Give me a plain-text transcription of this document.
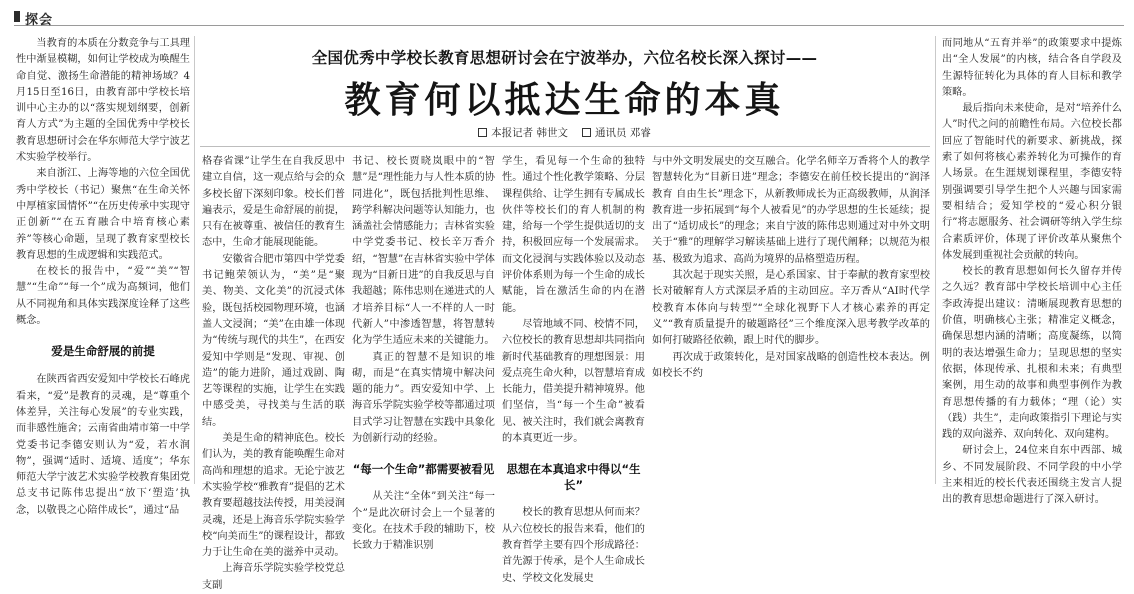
探会
全国优秀中学校长教育思想研讨会在宁波举办，六位名校长深入探讨——
教育何以抵达生命的本真
本报记者 韩世文	通讯员 邓睿

当教育的本质在分数竞争与工具理性中渐显模糊，如何让学校成为唤醒生命自觉、激扬生命潜能的精神场域？4月15日至16日，由教育部中学校长培训中心主办的以“落实规划纲要，创新育人方式”为主题的全国优秀中学校长教育思想研讨会在华东师范大学宁波艺术实验学校举行。

来自浙江、上海等地的六位全国优秀中学校长（书记）聚焦“在生命关怀中厚植家国情怀”“在历史传承中实现守正创新”“在五育融合中培育核心素养”等核心命题，呈现了教育家型校长教育思想的生成逻辑和实践范式。

在校长的报告中，“爱”“美”“智慧”“生命”“每一个”成为高频词，他们从不同视角和具体实践深度诠释了这些概念。

爱是生命舒展的前提

在陕西省西安爱知中学校长石峰虎看来，“爱”是教育的灵魂，是“尊重个体差异，关注每心发展”的专业实践，而非感性施舍；云南省曲靖市第一中学党委书记李德安则认为“爱，若水润物”，强调“适时、适境、适度”；华东师范大学宁波艺术实验学校教育集团党总支书记陈伟忠提出“放下‘塑造’执念，以敬畏之心陪伴成长”，通过“品

格春省课”让学生在自我反思中建立自信，这一观点给与会的众多校长留下深刻印象。校长们普遍表示，爱是生命舒展的前提，只有在被尊重、被信任的教育生态中，生命才能展现能能。

安徽省合肥市第四中学党委书记鲍荣领认为，“美”是“聚美、物美、文化美”的沉浸式体验，既包括校园物理环境，也涵盖人文浸润；“美”在由雄一体现为“传统与现代的共生”，在西安爱知中学则是“发现、审视、创造”的能力进阶，通过戏剧、陶艺等课程的实施，让学生在实践中感受美，寻找美与生活的联结。

美是生命的精神底色。校长们认为，美的教育能唤醒生命对高尚和理想的追求。无论宁波艺术实验学校“雅教育”提倡的艺术教育要超越技法传授，用美浸润灵魂，还是上海音乐学院实验学校“向美而生”的课程设计，都致力于让生命在美的滋养中灵动。

上海音乐学院实验学校党总支副

书记、校长贾晓岚眼中的“智慧”是“理性能力与人性本质的协同进化”，既包括批判性思维、跨学科解决问题等认知能力，也涵盖社会情感能力；吉林省实验中学党委书记、校长辛万香介绍，“智慧”在吉林省实验中学体现为“目新日进”的自我反思与自我超越；陈伟忠则在递进式的人才培养目标“人一不样的人一时代新人”中渗透智慧，将智慧转化为学生适应未来的关键能力。

真正的智慧不是知识的堆砌，而是“在真实情境中解决问题的能力”。西安爱知中学、上海音乐学院实验学校等都通过项目式学习让智慧在实践中具象化为创新行动的经验。

“每一个生命”都需要被看见

从关注“全体”到关注“每一个”是此次研讨会上一个显著的变化。在技术手段的辅助下，校长致力于精准识别

学生，看见每一个生命的独特性。通过个性化教学策略、分层课程供给、让学生拥有专属成长伙伴等校长们的育人机制的构建，给每一个学生提供适切的支持，积极回应每一个发展需求。而文化浸润与实践体验以及动态评价体系则为每一个生命的成长赋能，旨在激活生命的内在潜能。

尽管地域不同、校情不同，六位校长的教育思想却共同指向新时代基础教育的理想图景：用爱点亮生命火种，以智慧培育成长能力，借美提升精神境界。他们坚信，当“每一个生命”被看见、被关注时，我们就会离教育的本真更近一步。

思想在本真追求中得以“生长”

校长的教育思想从何而来？从六位校长的报告来看，他们的教育哲学主要有四个形成路径：首先源于传承，是个人生命成长史、学校文化发展史

与中外文明发展史的交互融合。化学名师辛万香将个人的教学智慧转化为“目新日进”理念；李德安在前任校长提出的“润泽教育 自由生长”理念下，从新教师成长为正高级教师，从润泽教育进一步拓展到“每个人被看见”的办学思想的生长延续；提出了“适切成长”的理念；来自宁波的陈伟忠则通过对中外文明关于“雅”的理解学习解读基础上进行了现代阐释；以规范为根基、极致为追求、高尚为境界的品格塑造历程。

其次起于现实关照，是心系国家、甘于奉献的教育家型校长对破解育人方式深层矛盾的主动回应。辛万香从“AI时代学校教育本体向与转型”“全球化视野下人才核心素养的再定义”“教育质量提升的破题路径”三个维度深入思考教学改革的如何打破路径依赖，跟上时代的脚步。

再次成于政策转化，是对国家战略的创造性校本表达。例如校长不约

而同地从“五育并举”的政策要求中提炼出“全人发展”的内核，结合各自学段及生源特征转化为具体的育人目标和教学策略。

最后指向未来使命，是对“培养什么人”时代之问的前瞻性布局。六位校长都回应了智能时代的新要求、新挑战，探索了如何将核心素养转化为可操作的育人场景。在生涯规划课程里，李德安特别强调要引导学生把个人兴趣与国家需要相结合；爱知学校的“爱心积分银行”将志愿服务、社会调研等纳入学生综合素质评价，体现了评价改革从聚焦个体发展到重视社会贡献的转向。

校长的教育思想如何长久留存并传之久远？教育部中学校长培训中心主任李政涛提出建议：清晰展现教育思想的价值，明确核心主张；精准定义概念，确保思想内涵的清晰；高度凝练，以简明的表达增强生命力；呈现思想的坚实依据，体现传承、扎根和未来；有典型案例，用生动的故事和典型事例作为教育思想传播的有力载体；“理（论）实（践）共生”，走向政策指引下理论与实践的双向滋养、双向转化、双向建构。

研讨会上，24位来自东中西部、城乡、不同发展阶段、不同学段的中小学主来相近的校长代表还围绕主发言人提出的教育思想命题进行了深入研讨。
